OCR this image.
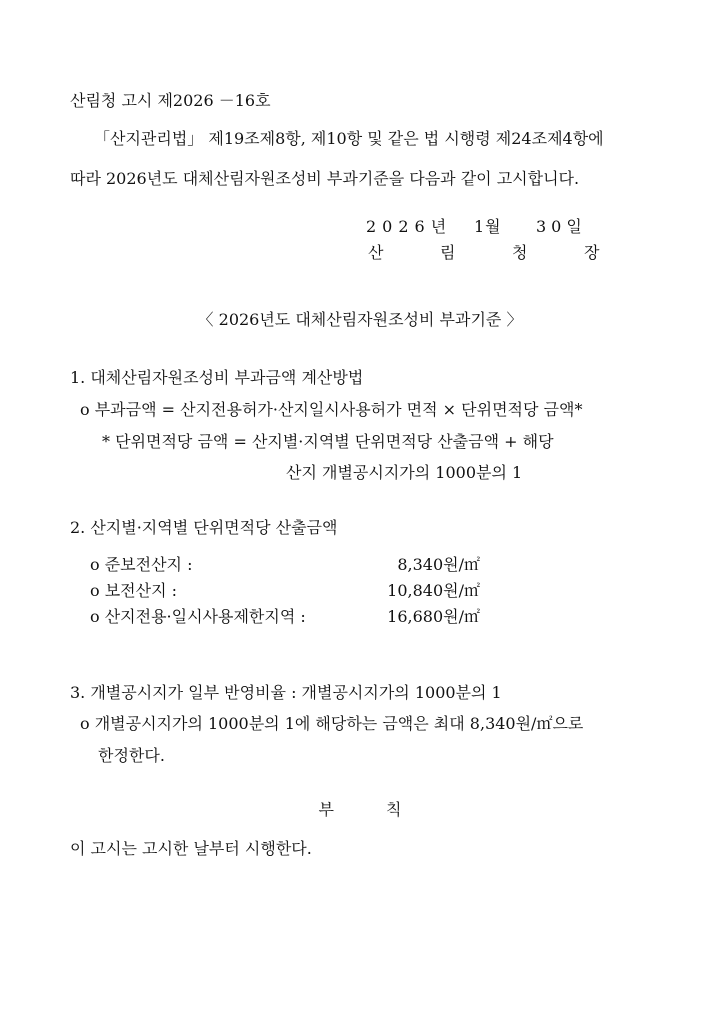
산림청 고시 제2026 －16호
「산지관리법」 제19조제8항, 제10항 및 같은 법 시행령 제24조제4항에
따라 2026년도 대체산림자원조성비 부과기준을 다음과 같이 고시합니다.
2026년 1월 30일
산	림	청	장
〈 2026년도 대체산림자원조성비 부과기준 〉
1. 대체산림자원조성비 부과금액 계산방법
o 부과금액 = 산지전용허가·산지일시사용허가 면적 × 단위면적당 금액*
* 단위면적당 금액 = 산지별·지역별 단위면적당 산출금액 + 해당
산지 개별공시지가의 1000분의 1
2. 산지별·지역별 단위면적당 산출금액
o 준보전산지 :	8,340원/㎡
o 보전산지 :	10,840원/㎡
o 산지전용·일시사용제한지역 :	16,680원/㎡
3. 개별공시지가 일부 반영비율 : 개별공시지가의 1000분의 1
o 개별공시지가의 1000분의 1에 해당하는 금액은 최대 8,340원/㎡으로
한정한다.
부	칙
이 고시는 고시한 날부터 시행한다.
